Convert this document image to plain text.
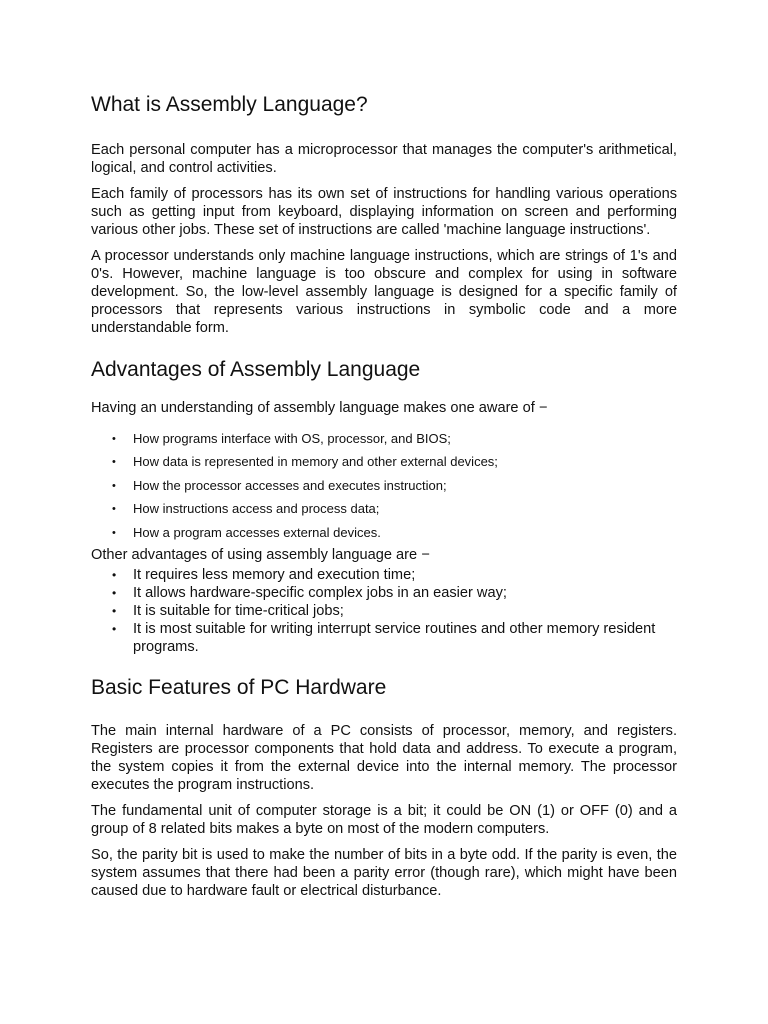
What is Assembly Language?

Each personal computer has a microprocessor that manages the computer's arithmetical, logical, and control activities.

Each family of processors has its own set of instructions for handling various operations such as getting input from keyboard, displaying information on screen and performing various other jobs. These set of instructions are called 'machine language instructions'.

A processor understands only machine language instructions, which are strings of 1's and 0's. However, machine language is too obscure and complex for using in software development. So, the low-level assembly language is designed for a specific family of processors that represents various instructions in symbolic code and a more understandable form.

Advantages of Assembly Language

Having an understanding of assembly language makes one aware of −

• How programs interface with OS, processor, and BIOS;
• How data is represented in memory and other external devices;
• How the processor accesses and executes instruction;
• How instructions access and process data;
• How a program accesses external devices.

Other advantages of using assembly language are −

• It requires less memory and execution time;
• It allows hardware-specific complex jobs in an easier way;
• It is suitable for time-critical jobs;
• It is most suitable for writing interrupt service routines and other memory resident programs.
Basic Features of PC Hardware

The main internal hardware of a PC consists of processor, memory, and registers. Registers are processor components that hold data and address. To execute a program, the system copies it from the external device into the internal memory. The processor executes the program instructions.

The fundamental unit of computer storage is a bit; it could be ON (1) or OFF (0) and a group of 8 related bits makes a byte on most of the modern computers.

So, the parity bit is used to make the number of bits in a byte odd. If the parity is even, the system assumes that there had been a parity error (though rare), which might have been caused due to hardware fault or electrical disturbance.
